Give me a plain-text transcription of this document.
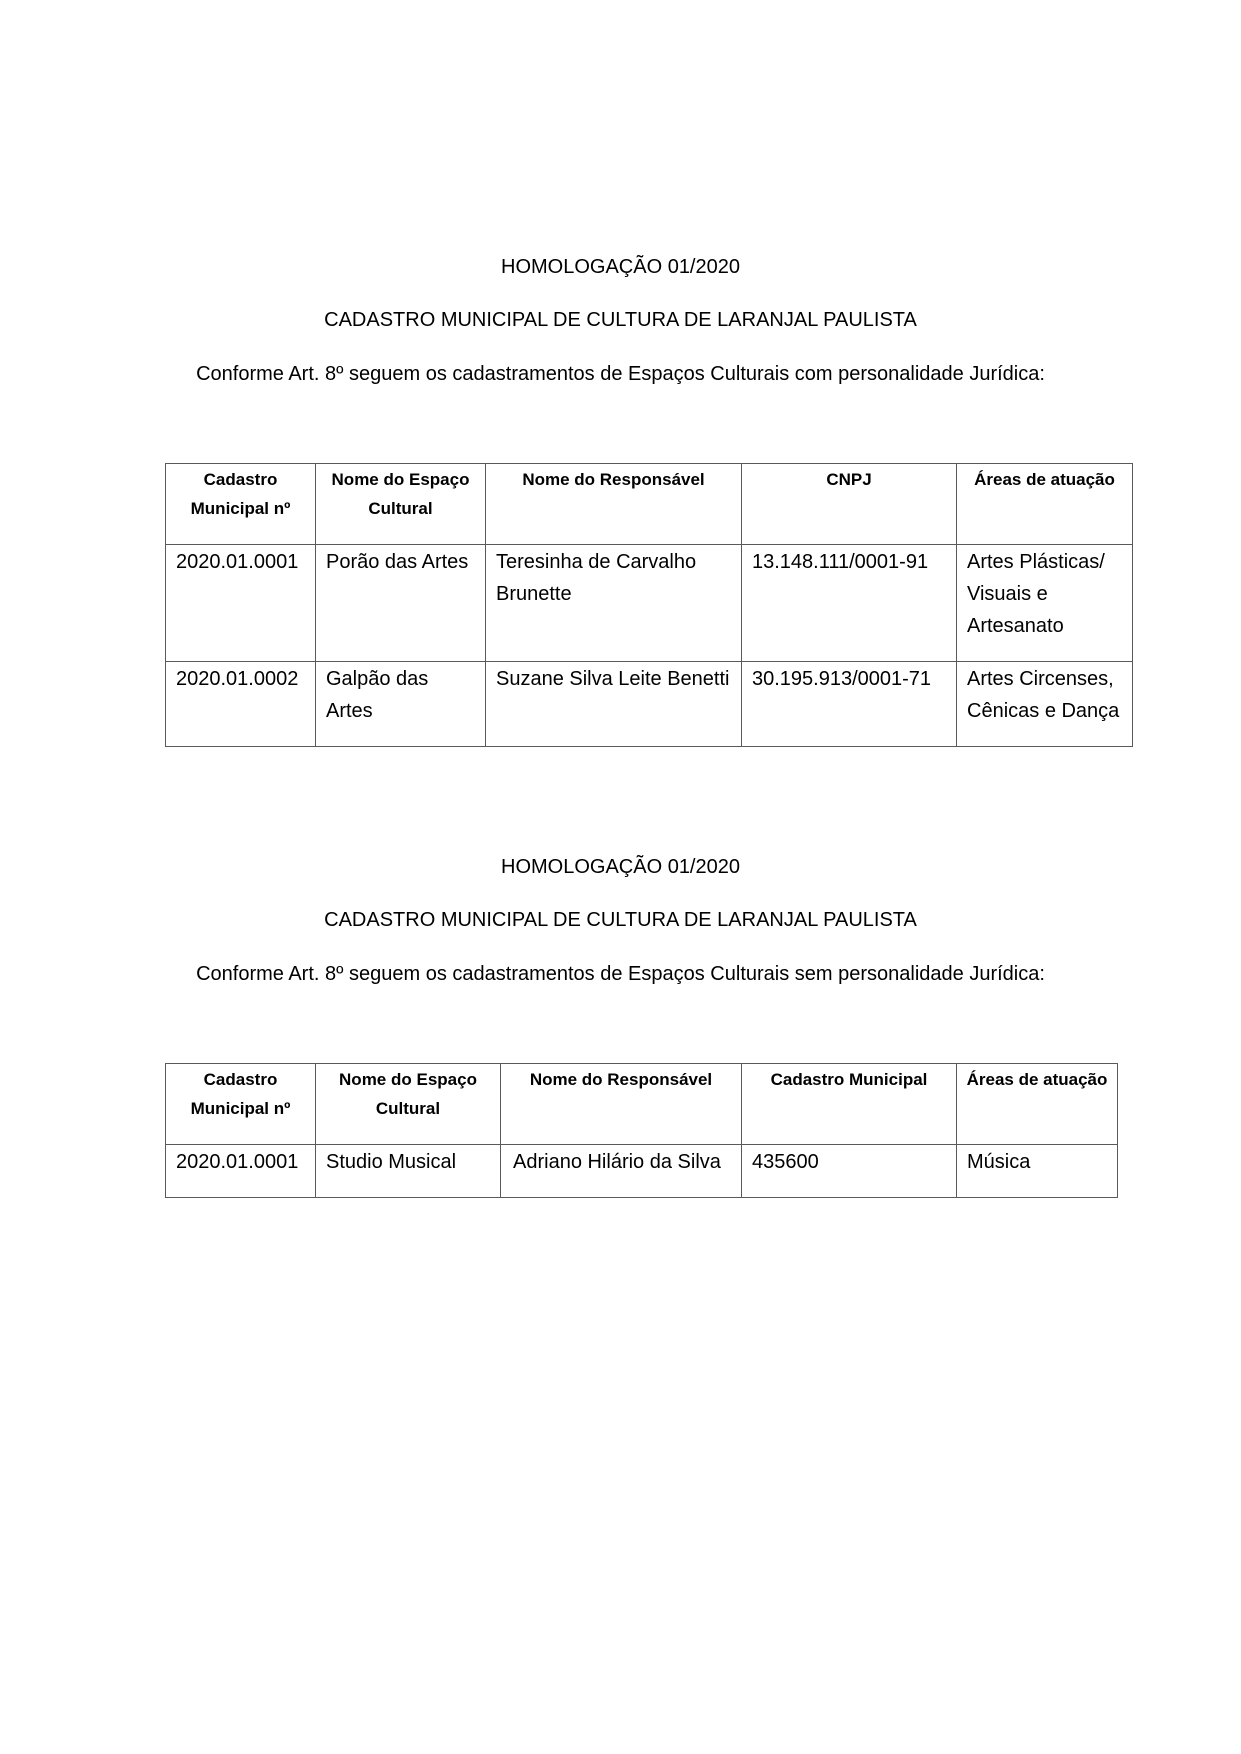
HOMOLOGAÇÃO 01/2020
CADASTRO MUNICIPAL DE CULTURA DE LARANJAL PAULISTA
Conforme Art. 8º seguem os cadastramentos de Espaços Culturais com personalidade Jurídica:
Cadastro Municipal nº	Nome do Espaço Cultural	Nome do Responsável	CNPJ	Áreas de atuação
2020.01.0001	Porão das Artes	Teresinha de Carvalho Brunette	13.148.111/0001-91	Artes Plásticas/ Visuais e Artesanato
2020.01.0002	Galpão das Artes	Suzane Silva Leite Benetti	30.195.913/0001-71	Artes Circenses, Cênicas e Dança
HOMOLOGAÇÃO 01/2020
CADASTRO MUNICIPAL DE CULTURA DE LARANJAL PAULISTA
Conforme Art. 8º seguem os cadastramentos de Espaços Culturais sem personalidade Jurídica:
Cadastro Municipal nº	Nome do Espaço Cultural	Nome do Responsável	Cadastro Municipal	Áreas de atuação
2020.01.0001	Studio Musical	Adriano Hilário da Silva	435600	Música
